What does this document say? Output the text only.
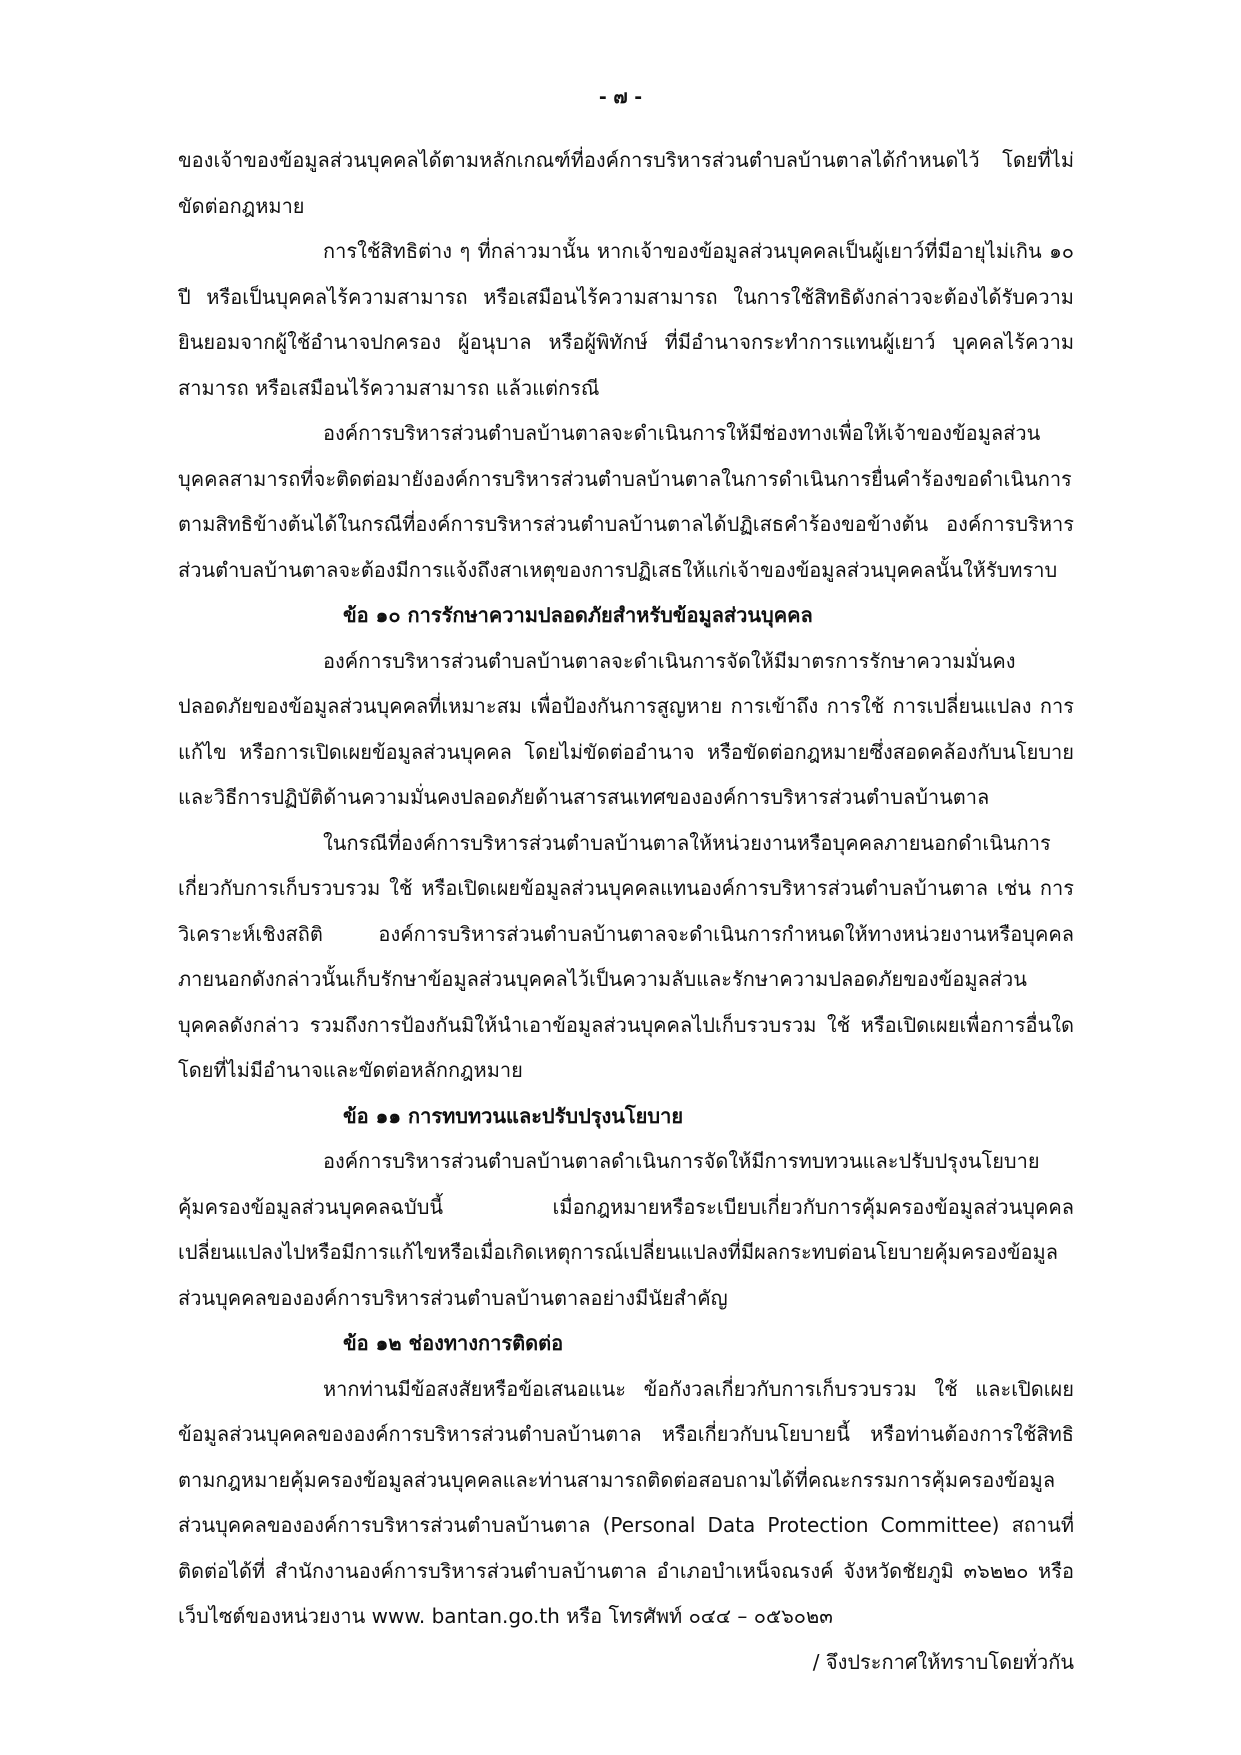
- ๗ -

ของเจ้าของข้อมูลส่วนบุคคลได้ตามหลักเกณฑ์ที่องค์การบริหารส่วนตำบลบ้านตาลได้กำหนดไว้ โดยที่ไม่ขัดต่อกฎหมาย

การใช้สิทธิต่าง ๆ ที่กล่าวมานั้น หากเจ้าของข้อมูลส่วนบุคคลเป็นผู้เยาว์ที่มีอายุไม่เกิน ๑๐ ปี หรือเป็นบุคคลไร้ความสามารถ หรือเสมือนไร้ความสามารถ ในการใช้สิทธิดังกล่าวจะต้องได้รับความยินยอมจากผู้ใช้อำนาจปกครอง ผู้อนุบาล หรือผู้พิทักษ์ ที่มีอำนาจกระทำการแทนผู้เยาว์ บุคคลไร้ความสามารถ หรือเสมือนไร้ความสามารถ แล้วแต่กรณี

องค์การบริหารส่วนตำบลบ้านตาลจะดำเนินการให้มีช่องทางเพื่อให้เจ้าของข้อมูลส่วนบุคคลสามารถที่จะติดต่อมายังองค์การบริหารส่วนตำบลบ้านตาลในการดำเนินการยื่นคำร้องขอดำเนินการตามสิทธิข้างต้นได้ในกรณีที่องค์การบริหารส่วนตำบลบ้านตาลได้ปฏิเสธคำร้องขอข้างต้น องค์การบริหารส่วนตำบลบ้านตาลจะต้องมีการแจ้งถึงสาเหตุของการปฏิเสธให้แก่เจ้าของข้อมูลส่วนบุคคลนั้นให้รับทราบ

ข้อ ๑๐ การรักษาความปลอดภัยสำหรับข้อมูลส่วนบุคคล

องค์การบริหารส่วนตำบลบ้านตาลจะดำเนินการจัดให้มีมาตรการรักษาความมั่นคงปลอดภัยของข้อมูลส่วนบุคคลที่เหมาะสม เพื่อป้องกันการสูญหาย การเข้าถึง การใช้ การเปลี่ยนแปลง การแก้ไข หรือการเปิดเผยข้อมูลส่วนบุคคล โดยไม่ขัดต่ออำนาจ หรือขัดต่อกฎหมายซึ่งสอดคล้องกับนโยบายและวิธีการปฏิบัติด้านความมั่นคงปลอดภัยด้านสารสนเทศขององค์การบริหารส่วนตำบลบ้านตาล

ในกรณีที่องค์การบริหารส่วนตำบลบ้านตาลให้หน่วยงานหรือบุคคลภายนอกดำเนินการเกี่ยวกับการเก็บรวบรวม ใช้ หรือเปิดเผยข้อมูลส่วนบุคคลแทนองค์การบริหารส่วนตำบลบ้านตาล เช่น การวิเคราะห์เชิงสถิติ องค์การบริหารส่วนตำบลบ้านตาลจะดำเนินการกำหนดให้ทางหน่วยงานหรือบุคคลภายนอกดังกล่าวนั้นเก็บรักษาข้อมูลส่วนบุคคลไว้เป็นความลับและรักษาความปลอดภัยของข้อมูลส่วนบุคคลดังกล่าว รวมถึงการป้องกันมิให้นำเอาข้อมูลส่วนบุคคลไปเก็บรวบรวม ใช้ หรือเปิดเผยเพื่อการอื่นใดโดยที่ไม่มีอำนาจและขัดต่อหลักกฎหมาย

ข้อ ๑๑ การทบทวนและปรับปรุงนโยบาย

องค์การบริหารส่วนตำบลบ้านตาลดำเนินการจัดให้มีการทบทวนและปรับปรุงนโยบายคุ้มครองข้อมูลส่วนบุคคลฉบับนี้ เมื่อกฎหมายหรือระเบียบเกี่ยวกับการคุ้มครองข้อมูลส่วนบุคคลเปลี่ยนแปลงไปหรือมีการแก้ไขหรือเมื่อเกิดเหตุการณ์เปลี่ยนแปลงที่มีผลกระทบต่อนโยบายคุ้มครองข้อมูลส่วนบุคคลขององค์การบริหารส่วนตำบลบ้านตาลอย่างมีนัยสำคัญ

ข้อ ๑๒ ช่องทางการติดต่อ

หากท่านมีข้อสงสัยหรือข้อเสนอแนะ ข้อกังวลเกี่ยวกับการเก็บรวบรวม ใช้ และเปิดเผยข้อมูลส่วนบุคคลขององค์การบริหารส่วนตำบลบ้านตาล หรือเกี่ยวกับนโยบายนี้ หรือท่านต้องการใช้สิทธิตามกฎหมายคุ้มครองข้อมูลส่วนบุคคลและท่านสามารถติดต่อสอบถามได้ที่คณะกรรมการคุ้มครองข้อมูลส่วนบุคคลขององค์การบริหารส่วนตำบลบ้านตาล (Personal Data Protection Committee) สถานที่ติดต่อได้ที่ สำนักงานองค์การบริหารส่วนตำบลบ้านตาล อำเภอบำเหน็จณรงค์ จังหวัดชัยภูมิ ๓๖๒๒๐ หรือเว็บไซต์ของหน่วยงาน www. bantan.go.th หรือ โทรศัพท์ ๐๔๔ – ๐๕๖๐๒๓

/ จึงประกาศให้ทราบโดยทั่วกัน
